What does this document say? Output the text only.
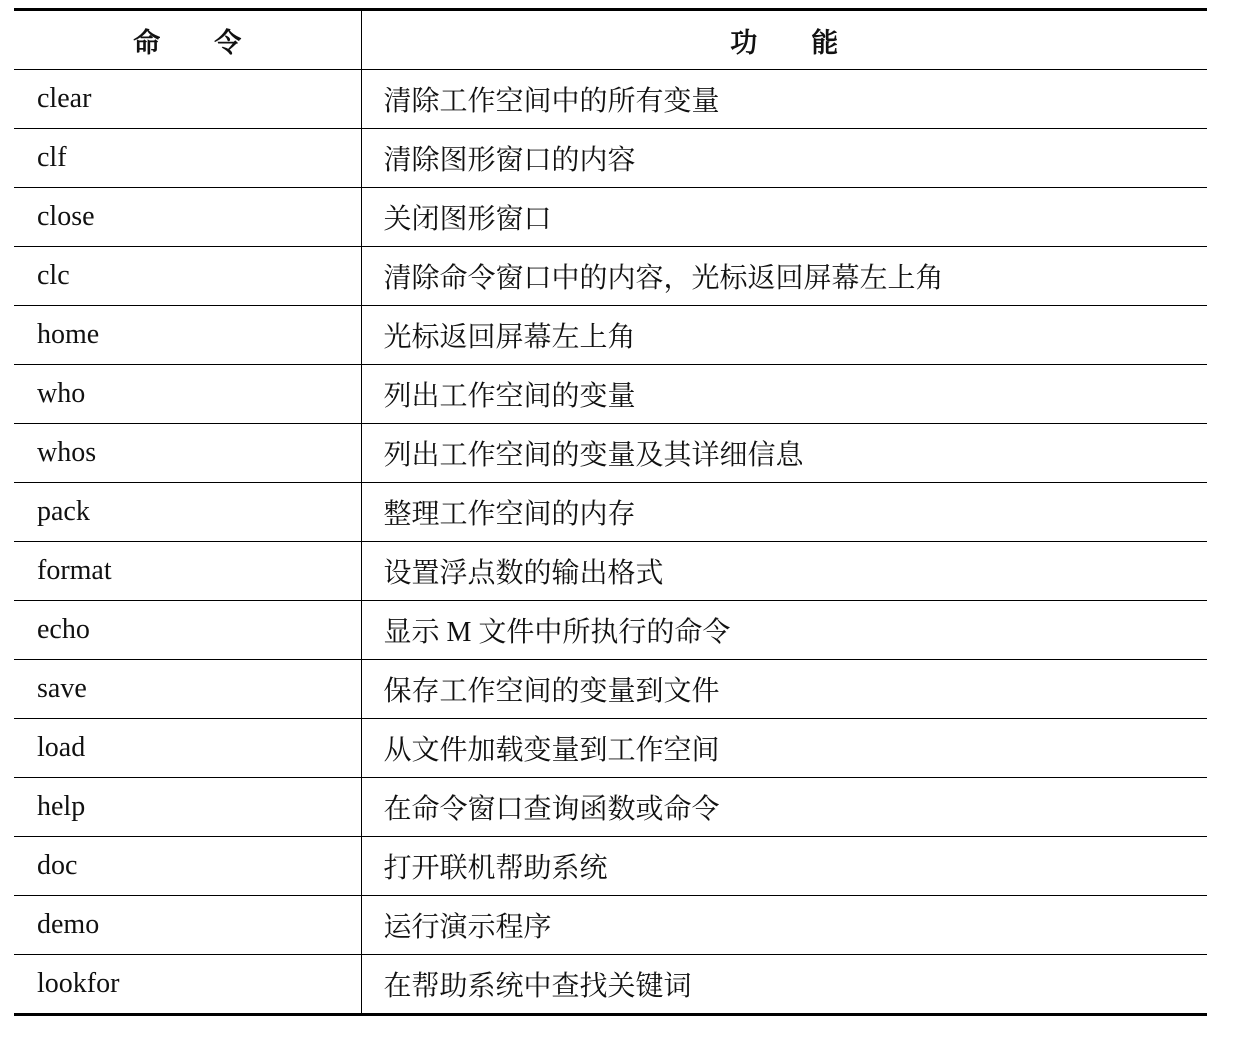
命　　令	功　　能
clear	清除工作空间中的所有变量
clf	清除图形窗口的内容
close	关闭图形窗口
clc	清除命令窗口中的内容，光标返回屏幕左上角
home	光标返回屏幕左上角
who	列出工作空间的变量
whos	列出工作空间的变量及其详细信息
pack	整理工作空间的内存
format	设置浮点数的输出格式
echo	显示 M 文件中所执行的命令
save	保存工作空间的变量到文件
load	从文件加载变量到工作空间
help	在命令窗口查询函数或命令
doc	打开联机帮助系统
demo	运行演示程序
lookfor	在帮助系统中查找关键词
